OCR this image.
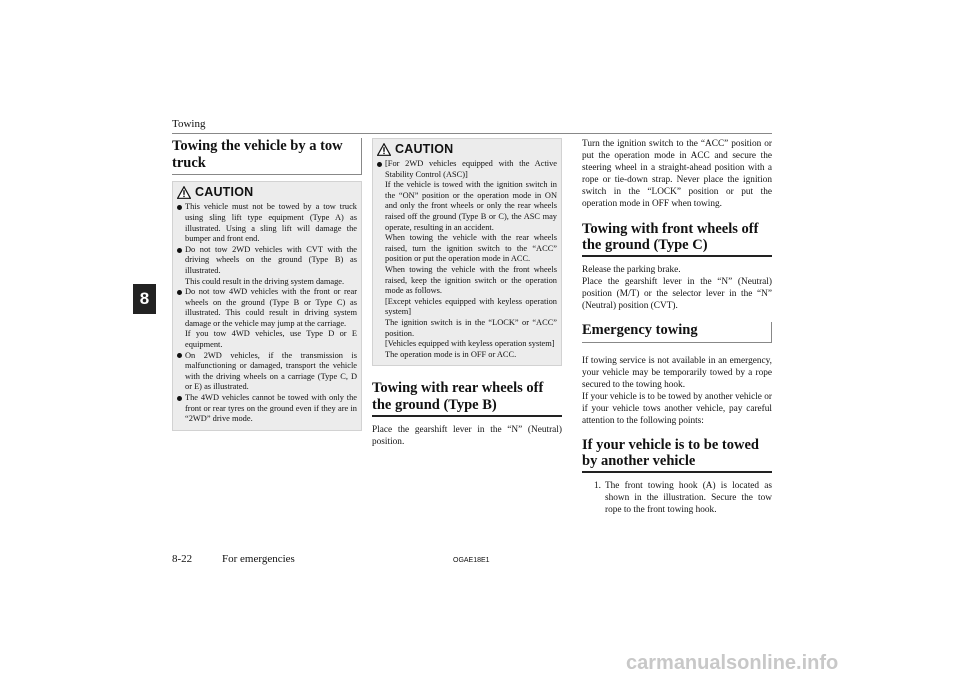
Towing
8
Towing the vehicle by a tow truck
CAUTION

This vehicle must not be towed by a tow truck using sling lift type equipment (Type A) as illustrated. Using a sling lift will damage the bumper and front end.

Do not tow 2WD vehicles with CVT with the driving wheels on the ground (Type B) as illustrated.

This could result in the driving system damage.

Do not tow 4WD vehicles with the front or rear wheels on the ground (Type B or Type C) as illustrated. This could result in driving system damage or the vehicle may jump at the carriage.

If you tow 4WD vehicles, use Type D or E equipment.

On 2WD vehicles, if the transmission is malfunctioning or damaged, transport the vehicle with the driving wheels on a carriage (Type C, D or E) as illustrated.

The 4WD vehicles cannot be towed with only the front or rear tyres on the ground even if they are in “2WD” drive mode.

CAUTION

[For 2WD vehicles equipped with the Active Stability Control (ASC)]

If the vehicle is towed with the ignition switch in the “ON” position or the operation mode in ON and only the front wheels or only the rear wheels raised off the ground (Type B or C), the ASC may operate, resulting in an accident.

When towing the vehicle with the rear wheels raised, turn the ignition switch to the “ACC” position or put the operation mode in ACC.

When towing the vehicle with the front wheels raised, keep the ignition switch or the operation mode as follows.

[Except vehicles equipped with keyless operation system]

The ignition switch is in the “LOCK” or “ACC” position.

[Vehicles equipped with keyless operation system]

The operation mode is in OFF or ACC.

Towing with rear wheels off the ground (Type B)

Place the gearshift lever in the “N” (Neutral) position.

Turn the ignition switch to the “ACC” position or put the operation mode in ACC and secure the steering wheel in a straight-ahead position with a rope or tie-down strap. Never place the ignition switch in the “LOCK” position or put the operation mode in OFF when towing.

Towing with front wheels off the ground (Type C)

Release the parking brake.
Place the gearshift lever in the “N” (Neutral) position (M/T) or the selector lever in the “N” (Neutral) position (CVT).

Emergency towing

If towing service is not available in an emergency, your vehicle may be temporarily towed by a rope secured to the towing hook.
If your vehicle is to be towed by another vehicle or if your vehicle tows another vehicle, pay careful attention to the following points:

If your vehicle is to be towed by another vehicle
1. The front towing hook (A) is located as shown in the illustration. Secure the tow rope to the front towing hook.
8-22	For emergencies	OGAE18E1
carmanualsonline.info
